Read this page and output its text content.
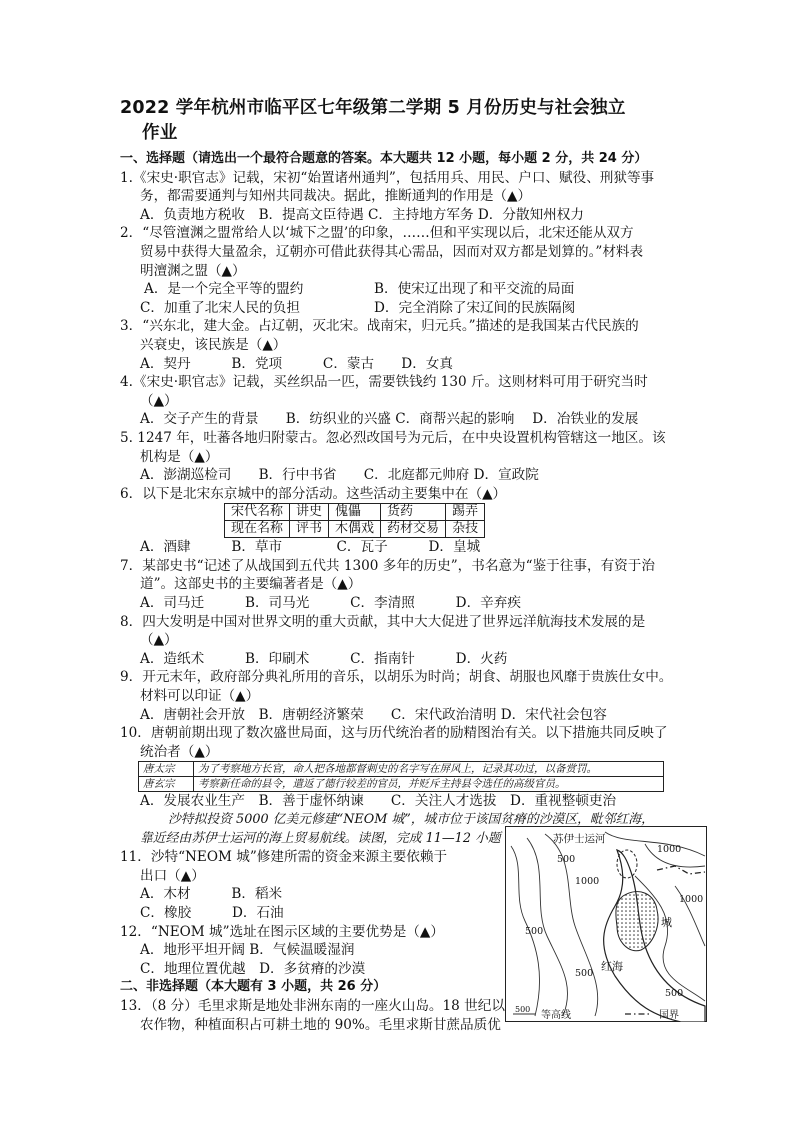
2022 学年杭州市临平区七年级第二学期 5 月份历史与社会独立
作业
一、选择题（请选出一个最符合题意的答案。本大题共 12 小题，每小题 2 分，共 24 分）
1.《宋史·职官志》记载，宋初“始置诸州通判”，包括用兵、用民、户口、赋役、刑狱等事
务，都需要通判与知州共同裁决。据此，推断通判的作用是（▲）
A．负责地方税收　B．提高文臣待遇 C．主持地方军务 D．分散知州权力
2．“尽管澶渊之盟常给人以‘城下之盟’的印象，……但和平实现以后，北宋还能从双方
贸易中获得大量盈余，辽朝亦可借此获得其心需品，因而对双方都是划算的。”材料表
明澶渊之盟（▲）
A．是一个完全平等的盟约	B．使宋辽出现了和平交流的局面
C．加重了北宋人民的负担	D．完全消除了宋辽间的民族隔阂
3．“兴东北，建大金。占辽朝，灭北宋。战南宋，归元兵。”描述的是我国某古代民族的
兴衰史，该民族是（▲）
A．契丹　　　B．党项　　　C．蒙古　　D．女真
4.《宋史·职官志》记载，买丝织品一匹，需要铁钱约 130 斤。这则材料可用于研究当时
（▲）
A．交子产生的背景　　B．纺织业的兴盛 C．商帮兴起的影响　 D．冶铁业的发展
5. 1247 年，吐蕃各地归附蒙古。忽必烈改国号为元后，在中央设置机构管辖这一地区。该
机构是（▲）
A．澎湖巡检司　　B．行中书省　　C．北庭都元帅府 D．宣政院
6．以下是北宋东京城中的部分活动。这些活动主要集中在（▲）
宋代名称	讲史	傀儡	货药	踢弄
现在名称	评书	木偶戏	药材交易	杂技
A．酒肆　　　B．草市　　　　C．瓦子　　　D．皇城
7．某部史书“记述了从战国到五代共 1300 多年的历史”，书名意为“鉴于往事，有资于治
道”。这部史书的主要编著者是（▲）
A．司马迁　　　B．司马光　　　C．李清照　　　D．辛弃疾
8．四大发明是中国对世界文明的重大贡献，其中大大促进了世界远洋航海技术发展的是
（▲）
A．造纸术　　　B．印刷术　　　C．指南针　　　D．火药
9．开元末年，政府部分典礼所用的音乐，以胡乐为时尚；胡食、胡服也风靡于贵族仕女中。
材料可以印证（▲）
A．唐朝社会开放　B．唐朝经济繁荣　　C．宋代政治清明 D．宋代社会包容
10．唐朝前期出现了数次盛世局面，这与历代统治者的励精图治有关。以下措施共同反映了
统治者（▲）
唐太宗	为了考察地方长官，命人把各地都督刺史的名字写在屏风上，记录其功过，以备赏罚。
唐玄宗	考察新任命的县令，遣返了德行较差的官员，并贬斥主持县令选任的高级官员。
A．发展农业生产　B．善于虚怀纳谏　　C．关注人才选拔　D．重视整顿吏治
沙特拟投资 5000 亿美元修建“NEOM 城”，城市位于该国贫瘠的沙漠区，毗邻红海，
靠近经由苏伊士运河的海上贸易航线。读图，完成 11—12 小题
11．沙特“NEOM 城”修建所需的资金来源主要依赖于
出口（▲）
A．木材　　　B．稻米
C．橡胶　　　D．石油
12．“NEOM 城”选址在图示区域的主要优势是（▲）
A．地形平坦开阔 B．气候温暖湿润
C．地理位置优越　D．多贫瘠的沙漠
二、非选择题（本大题有 3 小题，共 26 分）
13．（8 分）毛里求斯是地处非洲东南的一座火山岛。18 世纪以
农作物，种植面积占可耕土地的 90%。毛里求斯甘蔗品质优
苏伊士运河
500
1000
1000
500
1000
500
500
城
红海
500
等高线	国界
